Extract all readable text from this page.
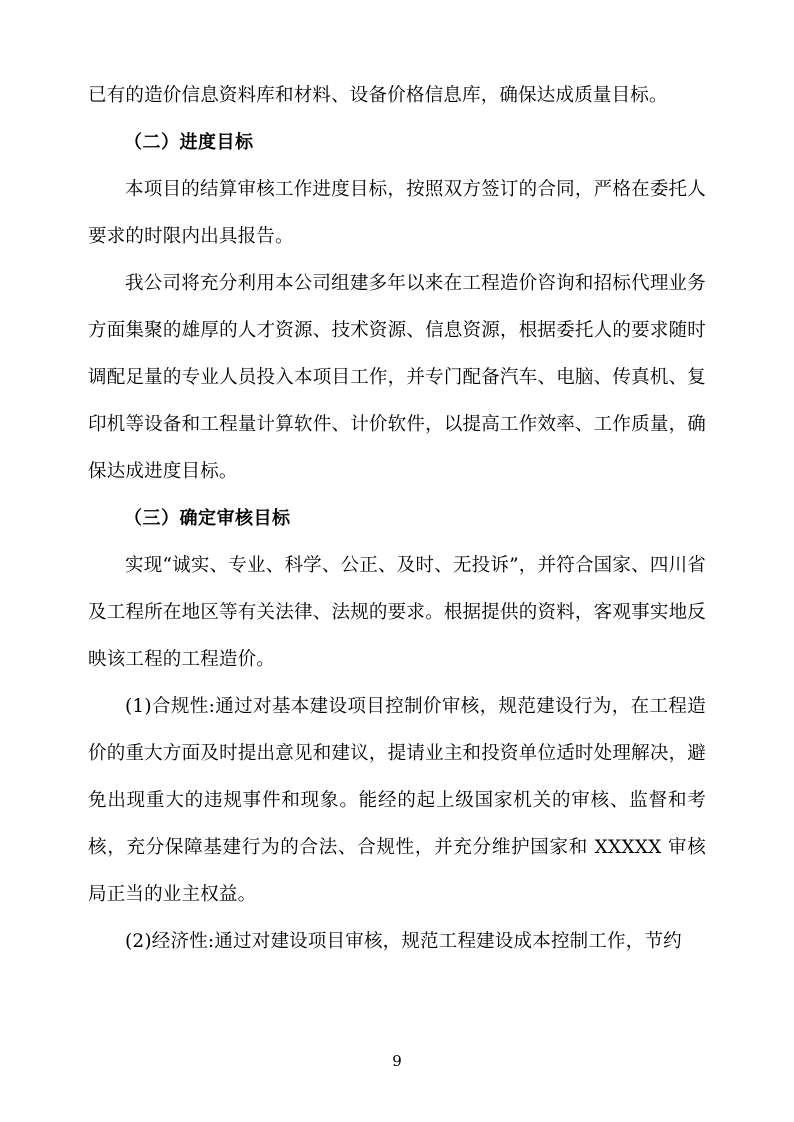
已有的造价信息资料库和材料、设备价格信息库，确保达成质量目标。

（二）进度目标

本项目的结算审核工作进度目标，按照双方签订的合同，严格在委托人要求的时限内出具报告。

我公司将充分利用本公司组建多年以来在工程造价咨询和招标代理业务方面集聚的雄厚的人才资源、技术资源、信息资源，根据委托人的要求随时调配足量的专业人员投入本项目工作，并专门配备汽车、电脑、传真机、复印机等设备和工程量计算软件、计价软件，以提高工作效率、工作质量，确保达成进度目标。

（三）确定审核目标

实现“诚实、专业、科学、公正、及时、无投诉”，并符合国家、四川省及工程所在地区等有关法律、法规的要求。根据提供的资料，客观事实地反映该工程的工程造价。

(1)合规性:通过对基本建设项目控制价审核，规范建设行为，在工程造价的重大方面及时提出意见和建议，提请业主和投资单位适时处理解决，避免出现重大的违规事件和现象。能经的起上级国家机关的审核、监督和考核，充分保障基建行为的合法、合规性，并充分维护国家和 XXXXX 审核局正当的业主权益。

(2)经济性:通过对建设项目审核，规范工程建设成本控制工作，节约

9
